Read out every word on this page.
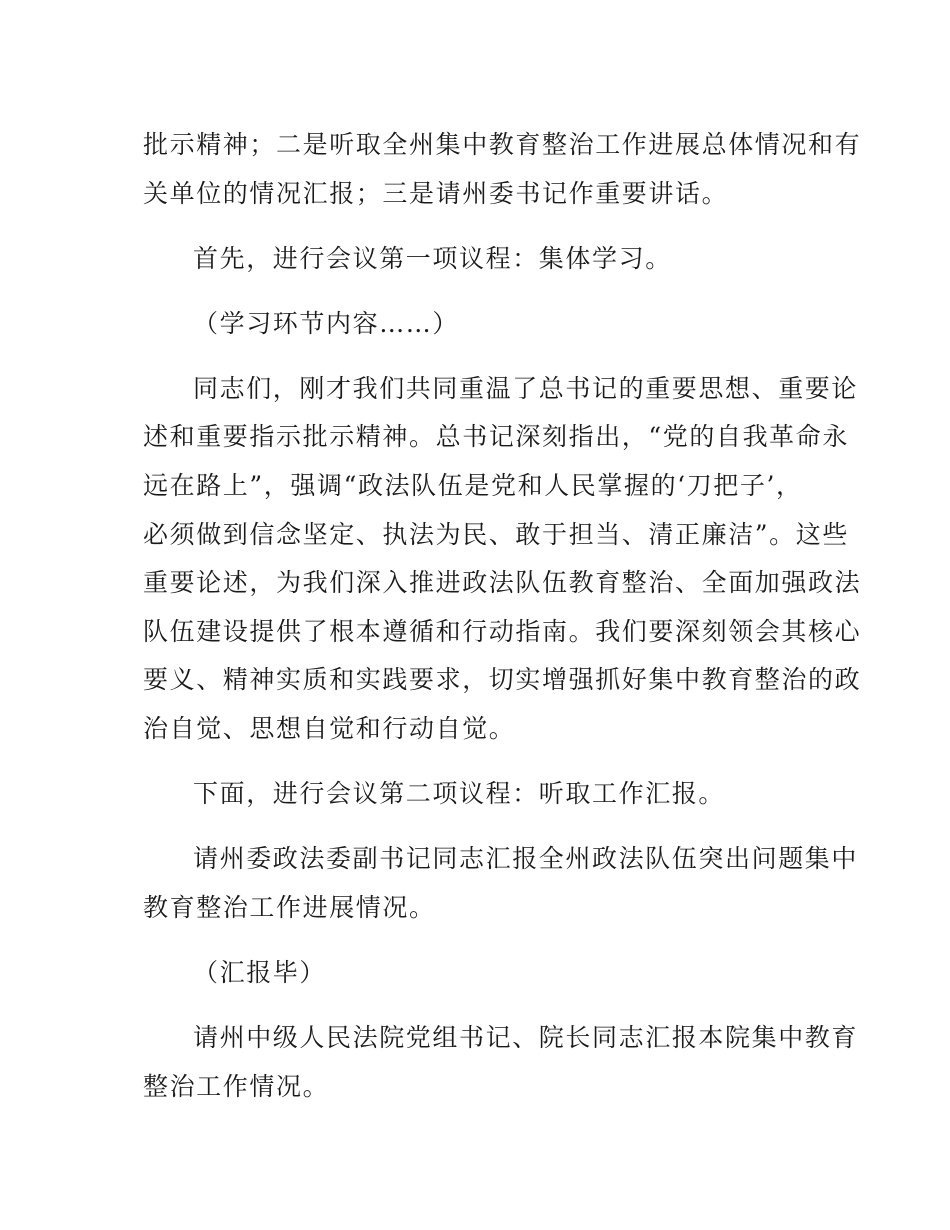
批示精神；二是听取全州集中教育整治工作进展总体情况和有
关单位的情况汇报；三是请州委书记作重要讲话。
首先，进行会议第一项议程：集体学习。
（学习环节内容……）
同志们，刚才我们共同重温了总书记的重要思想、重要论
述和重要指示批示精神。总书记深刻指出，“党的自我革命永
远在路上”，强调“政法队伍是党和人民掌握的‘刀把子’，
必须做到信念坚定、执法为民、敢于担当、清正廉洁”。这些
重要论述，为我们深入推进政法队伍教育整治、全面加强政法
队伍建设提供了根本遵循和行动指南。我们要深刻领会其核心
要义、精神实质和实践要求，切实增强抓好集中教育整治的政
治自觉、思想自觉和行动自觉。
下面，进行会议第二项议程：听取工作汇报。
请州委政法委副书记同志汇报全州政法队伍突出问题集中
教育整治工作进展情况。
（汇报毕）
请州中级人民法院党组书记、院长同志汇报本院集中教育
整治工作情况。
